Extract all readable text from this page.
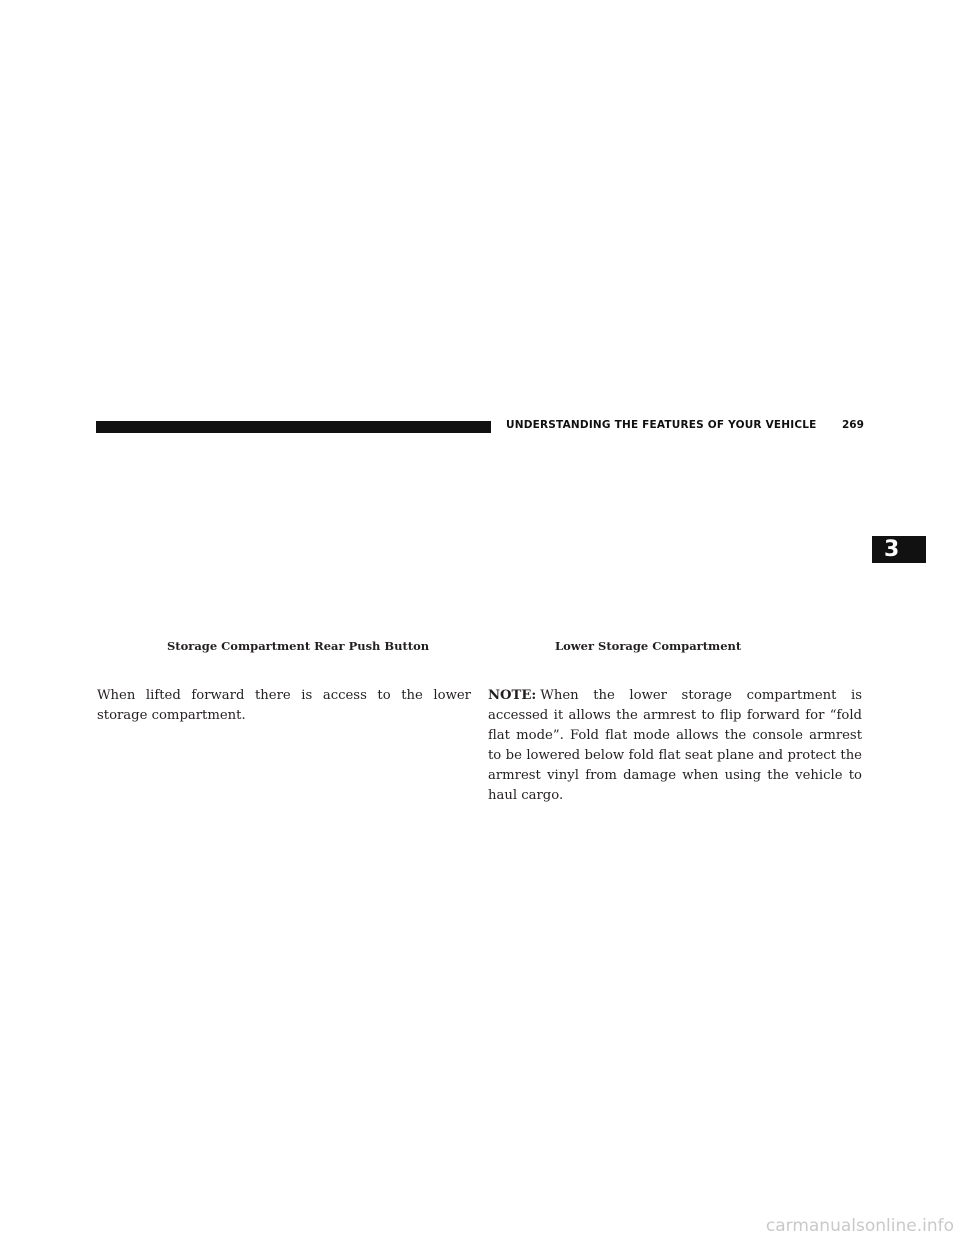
UNDERSTANDING THE FEATURES OF YOUR VEHICLE 269
3
Storage Compartment Rear Push Button	Lower Storage Compartment
When lifted forward there is access to the lower storage compartment.
NOTE: When the lower storage compartment is accessed it allows the armrest to flip forward for “fold flat mode”. Fold flat mode allows the console armrest to be lowered below fold flat seat plane and protect the armrest vinyl from damage when using the vehicle to haul cargo.
carmanualsonline.info
